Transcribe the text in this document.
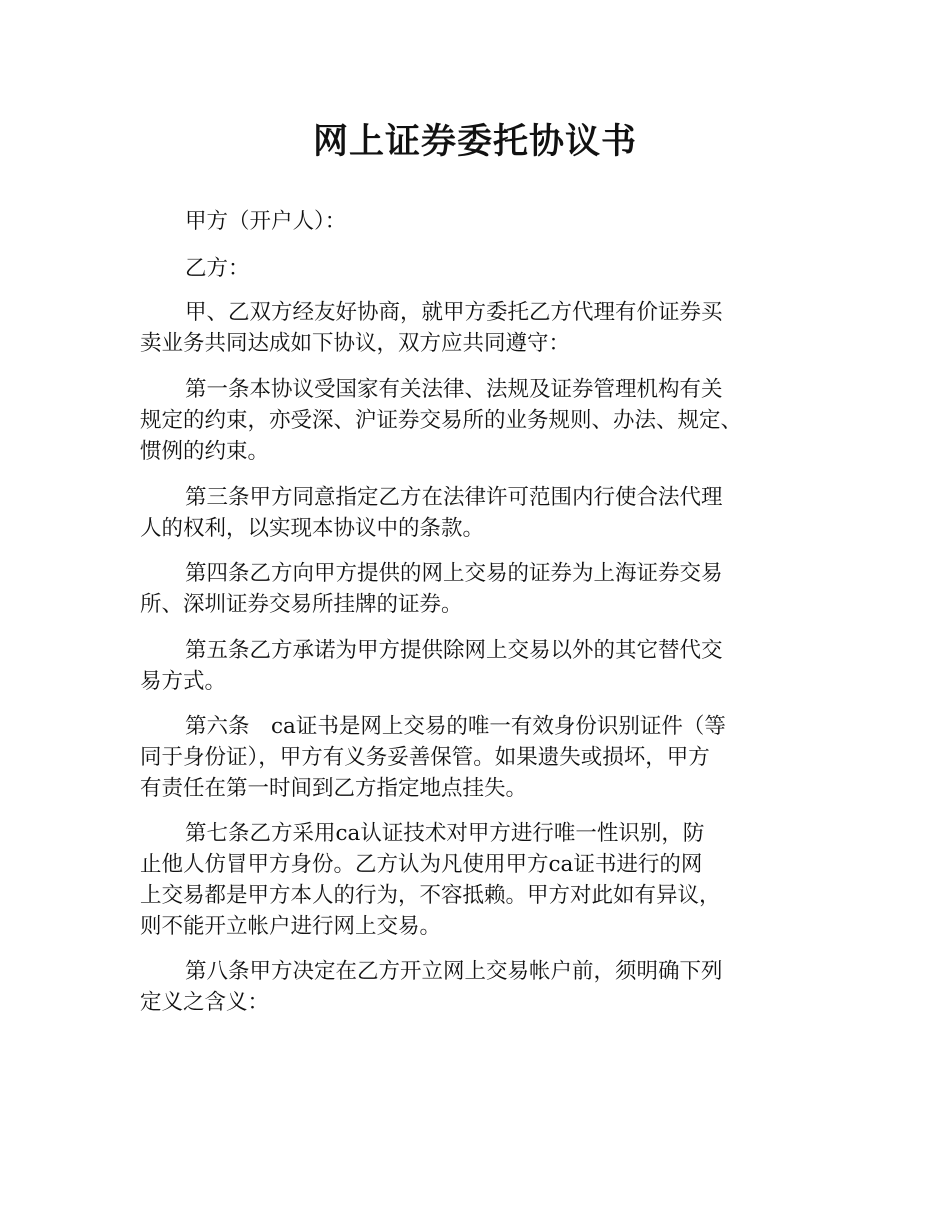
网上证券委托协议书

甲方（开户人）：

乙方：

甲、乙双方经友好协商，就甲方委托乙方代理有价证券买
卖业务共同达成如下协议，双方应共同遵守：

第一条本协议受国家有关法律、法规及证券管理机构有关
规定的约束，亦受深、沪证券交易所的业务规则、办法、规定、
惯例的约束。

第三条甲方同意指定乙方在法律许可范围内行使合法代理
人的权利，以实现本协议中的条款。

第四条乙方向甲方提供的网上交易的证券为上海证券交易
所、深圳证券交易所挂牌的证券。

第五条乙方承诺为甲方提供除网上交易以外的其它替代交
易方式。

第六条　ca证书是网上交易的唯一有效身份识别证件（等
同于身份证），甲方有义务妥善保管。如果遗失或损坏，甲方
有责任在第一时间到乙方指定地点挂失。

第七条乙方采用ca认证技术对甲方进行唯一性识别，防
止他人仿冒甲方身份。乙方认为凡使用甲方ca证书进行的网
上交易都是甲方本人的行为，不容抵赖。甲方对此如有异议，
则不能开立帐户进行网上交易。

第八条甲方决定在乙方开立网上交易帐户前，须明确下列
定义之含义：
